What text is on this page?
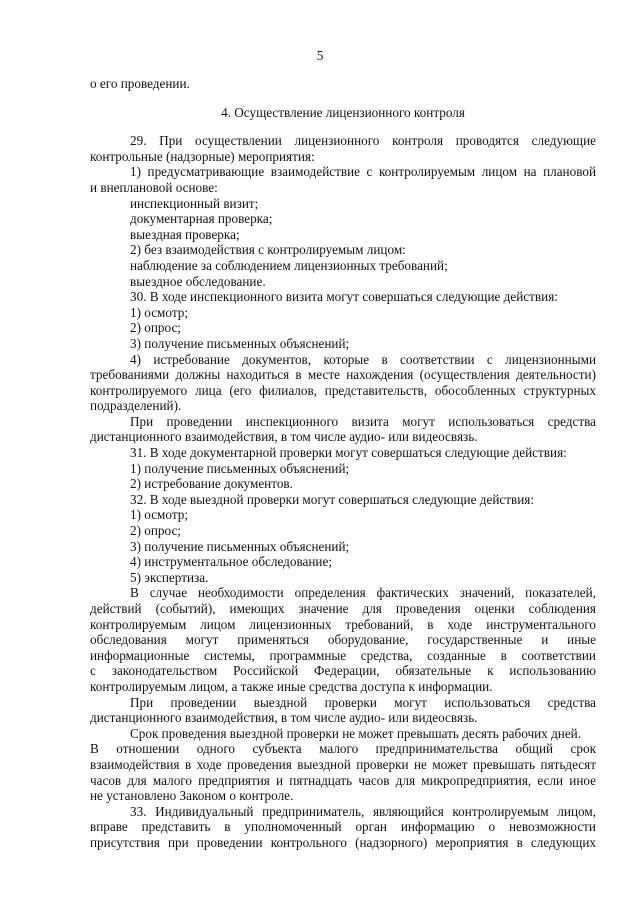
5
о его проведении.
4. Осуществление лицензионного контроля
29. При осуществлении лицензионного контроля проводятся следующие
контрольные (надзорные) мероприятия:
1) предусматривающие взаимодействие с контролируемым лицом на плановой
и внеплановой основе:
инспекционный визит;
документарная проверка;
выездная проверка;
2) без взаимодействия с контролируемым лицом:
наблюдение за соблюдением лицензионных требований;
выездное обследование.
30. В ходе инспекционного визита могут совершаться следующие действия:
1) осмотр;
2) опрос;
3) получение письменных объяснений;
4) истребование документов, которые в соответствии с лицензионными
требованиями должны находиться в месте нахождения (осуществления деятельности)
контролируемого лица (его филиалов, представительств, обособленных структурных
подразделений).
При проведении инспекционного визита могут использоваться средства
дистанционного взаимодействия, в том числе аудио- или видеосвязь.
31. В ходе документарной проверки могут совершаться следующие действия:
1) получение письменных объяснений;
2) истребование документов.
32. В ходе выездной проверки могут совершаться следующие действия:
1) осмотр;
2) опрос;
3) получение письменных объяснений;
4) инструментальное обследование;
5) экспертиза.
В случае необходимости определения фактических значений, показателей,
действий (событий), имеющих значение для проведения оценки соблюдения
контролируемым лицом лицензионных требований, в ходе инструментального
обследования могут применяться оборудование, государственные и иные
информационные системы, программные средства, созданные в соответствии
с законодательством Российской Федерации, обязательные к использованию
контролируемым лицом, а также иные средства доступа к информации.
При проведении выездной проверки могут использоваться средства
дистанционного взаимодействия, в том числе аудио- или видеосвязь.
Срок проведения выездной проверки не может превышать десять рабочих дней.
В отношении одного субъекта малого предпринимательства общий срок
взаимодействия в ходе проведения выездной проверки не может превышать пятьдесят
часов для малого предприятия и пятнадцать часов для микропредприятия, если иное
не установлено Законом о контроле.
33. Индивидуальный предприниматель, являющийся контролируемым лицом,
вправе представить в уполномоченный орган информацию о невозможности
присутствия при проведении контрольного (надзорного) мероприятия в следующих
